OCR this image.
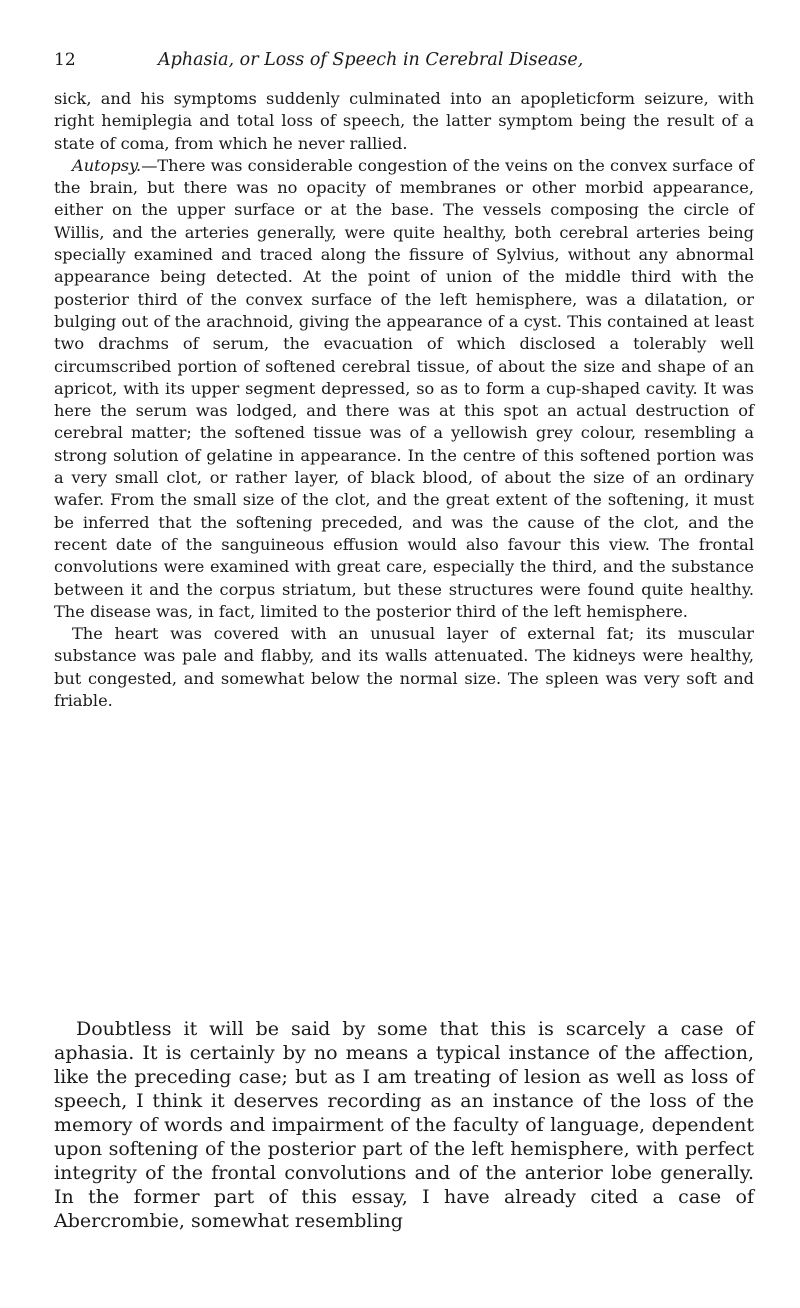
12	Aphasia, or Loss of Speech in Cerebral Disease,

sick, and his symptoms suddenly culminated into an apopleticform seizure, with right hemiplegia and total loss of speech, the latter symptom being the result of a state of coma, from which he never rallied.

Autopsy.—There was considerable congestion of the veins on the convex surface of the brain, but there was no opacity of membranes or other morbid appearance, either on the upper surface or at the base. The vessels composing the circle of Willis, and the arteries generally, were quite healthy, both cerebral arteries being specially examined and traced along the fissure of Sylvius, without any abnormal appearance being detected. At the point of union of the middle third with the posterior third of the convex surface of the left hemisphere, was a dilatation, or bulging out of the arachnoid, giving the appearance of a cyst. This contained at least two drachms of serum, the evacuation of which disclosed a tolerably well circumscribed portion of softened cerebral tissue, of about the size and shape of an apricot, with its upper segment depressed, so as to form a cup-shaped cavity. It was here the serum was lodged, and there was at this spot an actual destruction of cerebral matter; the softened tissue was of a yellowish grey colour, resembling a strong solution of gelatine in appearance. In the centre of this softened portion was a very small clot, or rather layer, of black blood, of about the size of an ordinary wafer. From the small size of the clot, and the great extent of the softening, it must be inferred that the softening preceded, and was the cause of the clot, and the recent date of the sanguineous effusion would also favour this view. The frontal convolutions were examined with great care, especially the third, and the substance between it and the corpus striatum, but these structures were found quite healthy. The disease was, in fact, limited to the posterior third of the left hemisphere.

The heart was covered with an unusual layer of external fat; its muscular substance was pale and flabby, and its walls attenuated. The kidneys were healthy, but congested, and somewhat below the normal size. The spleen was very soft and friable.

Doubtless it will be said by some that this is scarcely a case of aphasia. It is certainly by no means a typical instance of the affection, like the preceding case; but as I am treating of lesion as well as loss of speech, I think it deserves recording as an instance of the loss of the memory of words and impairment of the faculty of language, dependent upon softening of the posterior part of the left hemisphere, with perfect integrity of the frontal convolutions and of the anterior lobe generally. In the former part of this essay, I have already cited a case of Abercrombie, somewhat resembling
